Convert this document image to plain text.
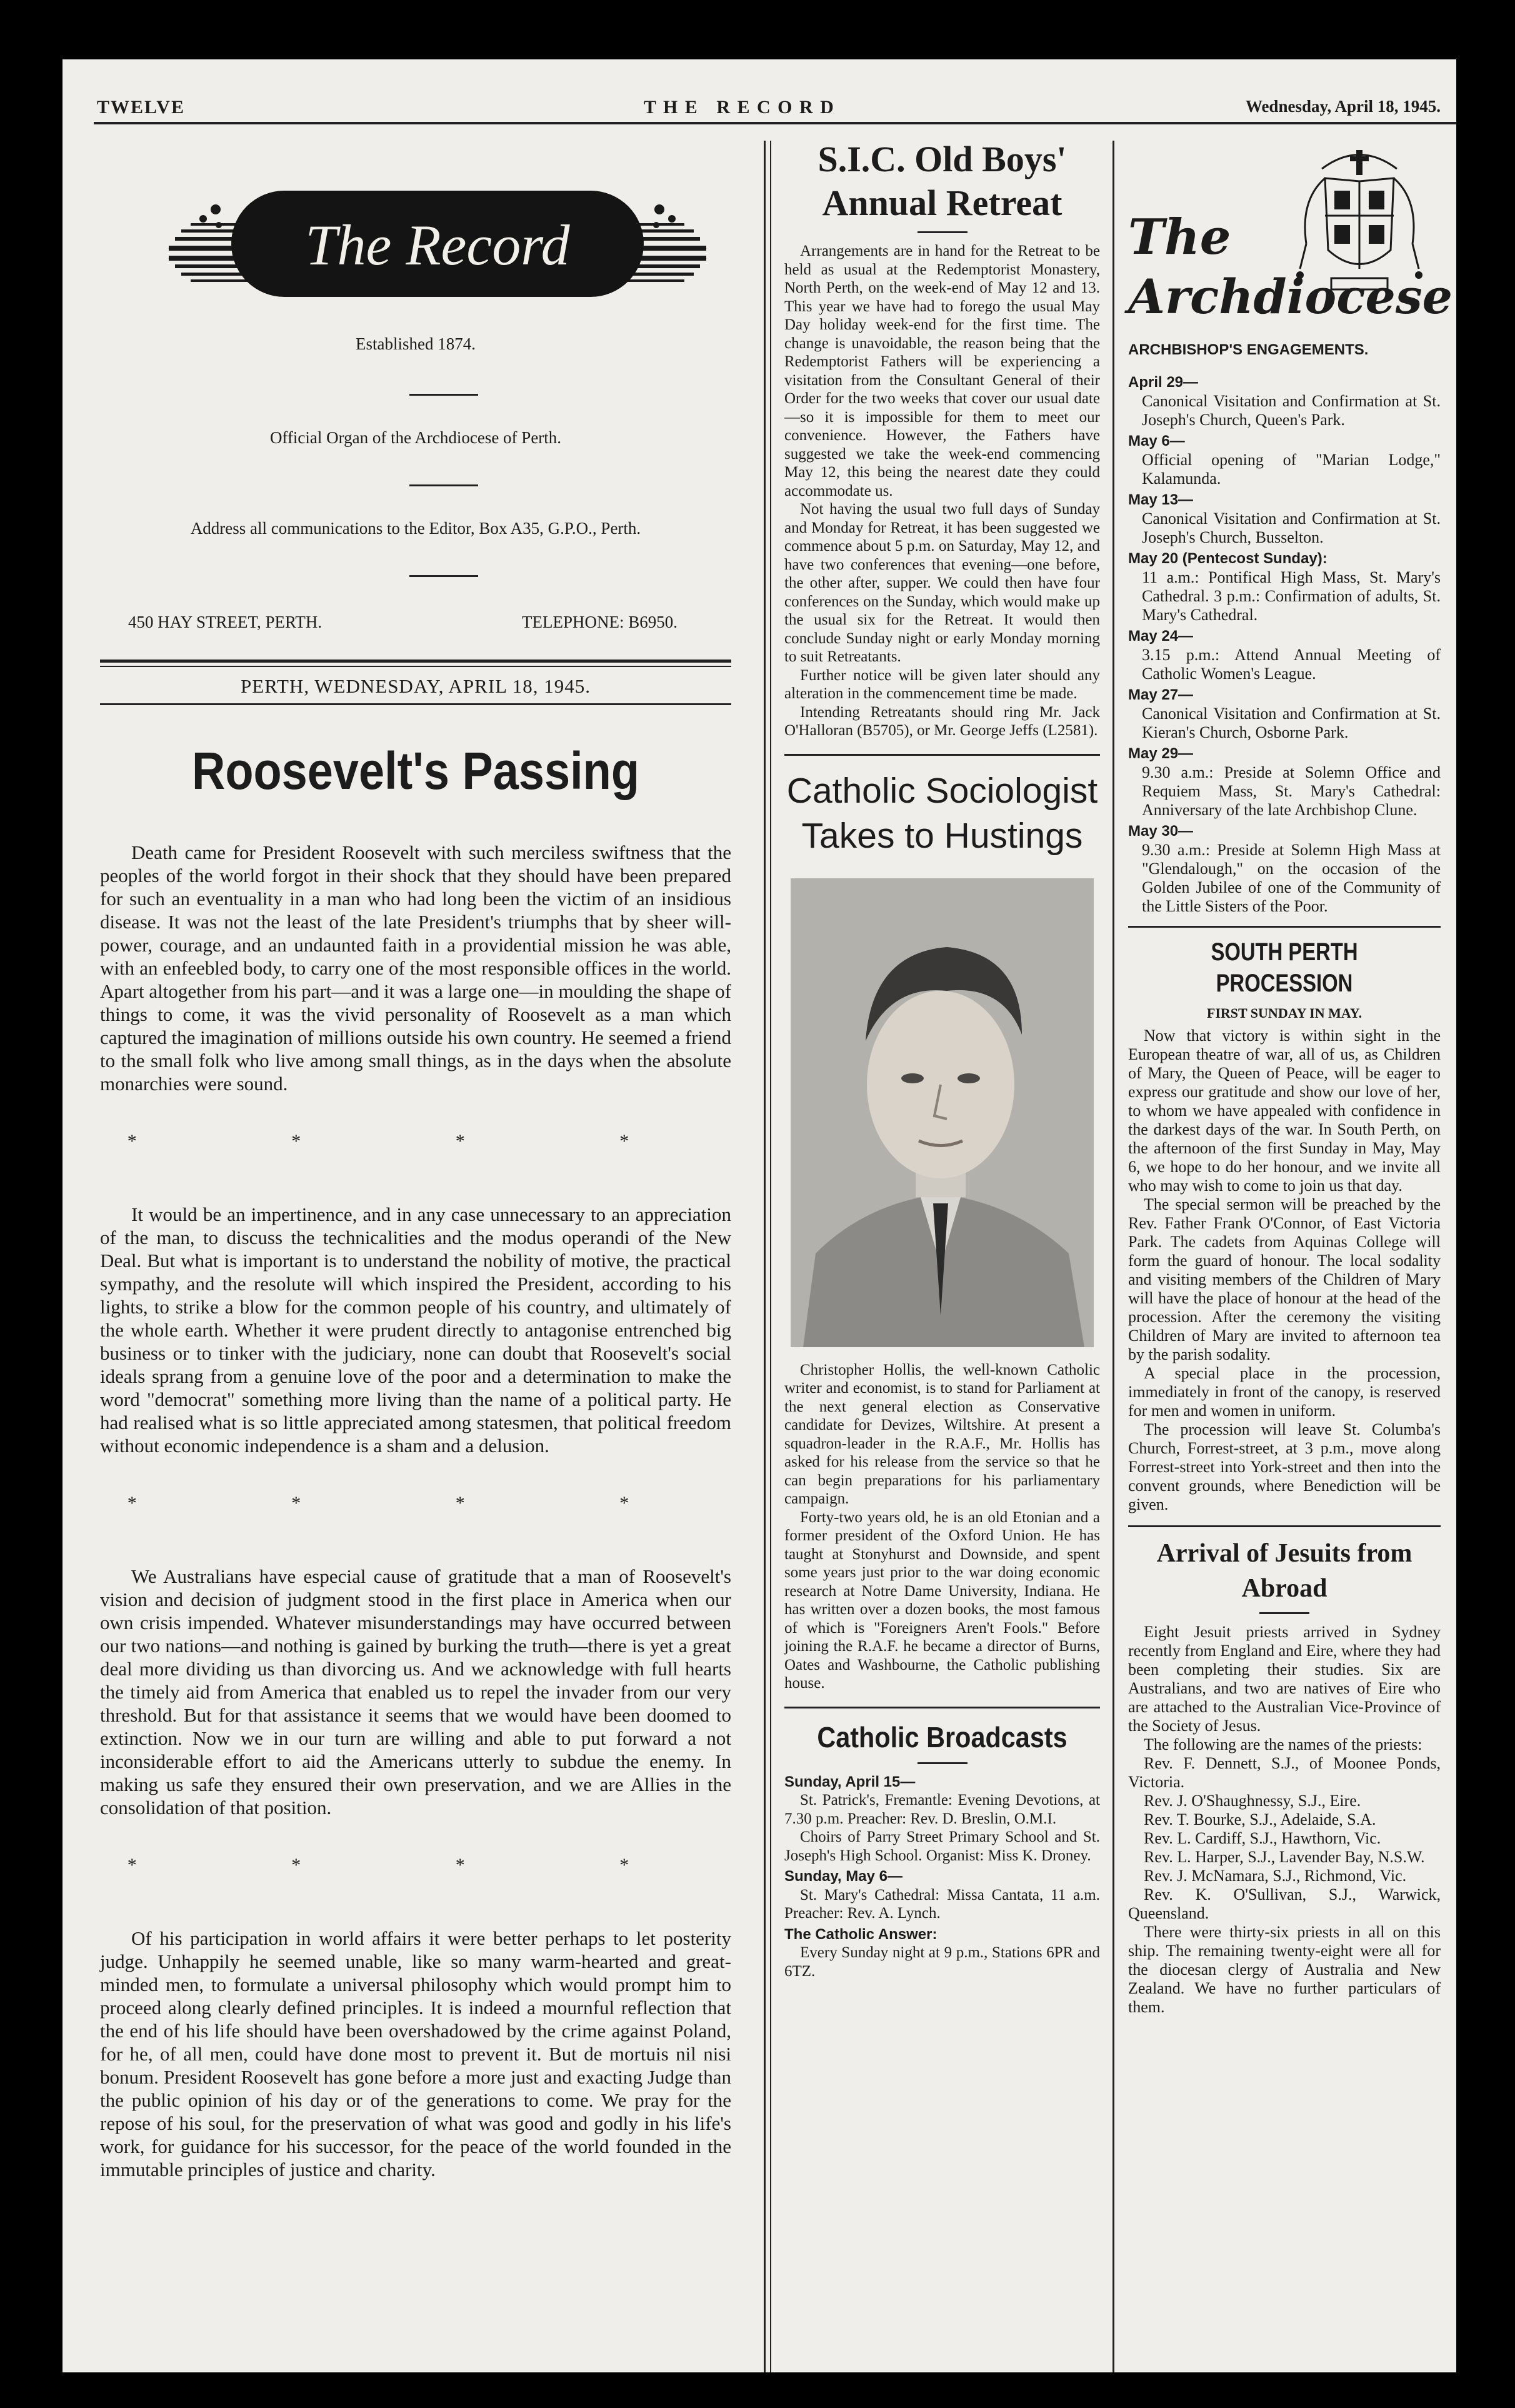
TWELVE	T H E   R E C O R D	Wednesday, April 18, 1945.
The Record
Established 1874.
Official Organ of the Archdiocese of Perth.
Address all communications to the Editor, Box A35, G.P.O., Perth.
450 HAY STREET, PERTH.	TELEPHONE: B6950.
PERTH, WEDNESDAY, APRIL 18, 1945.
Roosevelt's Passing

Death came for President Roosevelt with such merciless swiftness that the peoples of the world forgot in their shock that they should have been prepared for such an eventuality in a man who had long been the victim of an insidious disease. It was not the least of the late President's triumphs that by sheer will-power, courage, and an undaunted faith in a providential mission he was able, with an enfeebled body, to carry one of the most responsible offices in the world. Apart altogether from his part—and it was a large one—in moulding the shape of things to come, it was the vivid personality of Roosevelt as a man which captured the imagination of millions outside his own country. He seemed a friend to the small folk who live among small things, as in the days when the absolute monarchies were sound.

* * * *

It would be an impertinence, and in any case unnecessary to an appreciation of the man, to discuss the technicalities and the modus operandi of the New Deal. But what is important is to understand the nobility of motive, the practical sympathy, and the resolute will which inspired the President, according to his lights, to strike a blow for the common people of his country, and ultimately of the whole earth. Whether it were prudent directly to antagonise entrenched big business or to tinker with the judiciary, none can doubt that Roosevelt's social ideals sprang from a genuine love of the poor and a determination to make the word "democrat" something more living than the name of a political party. He had realised what is so little appreciated among statesmen, that political freedom without economic independence is a sham and a delusion.

* * * *

We Australians have especial cause of gratitude that a man of Roosevelt's vision and decision of judgment stood in the first place in America when our own crisis impended. Whatever misunderstandings may have occurred between our two nations—and nothing is gained by burking the truth—there is yet a great deal more dividing us than divorcing us. And we acknowledge with full hearts the timely aid from America that enabled us to repel the invader from our very threshold. But for that assistance it seems that we would have been doomed to extinction. Now we in our turn are willing and able to put forward a not inconsiderable effort to aid the Americans utterly to subdue the enemy. In making us safe they ensured their own preservation, and we are Allies in the consolidation of that position.

* * * *

Of his participation in world affairs it were better perhaps to let posterity judge. Unhappily he seemed unable, like so many warm-hearted and great-minded men, to formulate a universal philosophy which would prompt him to proceed along clearly defined principles. It is indeed a mournful reflection that the end of his life should have been overshadowed by the crime against Poland, for he, of all men, could have done most to prevent it. But de mortuis nil nisi bonum. President Roosevelt has gone before a more just and exacting Judge than the public opinion of his day or of the generations to come. We pray for the repose of his soul, for the preservation of what was good and godly in his life's work, for guidance for his successor, for the peace of the world founded in the immutable principles of justice and charity.

S.I.C. Old Boys'
Annual Retreat

Arrangements are in hand for the Retreat to be held as usual at the Redemptorist Monastery, North Perth, on the week-end of May 12 and 13. This year we have had to forego the usual May Day holiday week-end for the first time. The change is unavoidable, the reason being that the Redemptorist Fathers will be experiencing a visitation from the Consultant General of their Order for the two weeks that cover our usual date—so it is impossible for them to meet our convenience. However, the Fathers have suggested we take the week-end commencing May 12, this being the nearest date they could accommodate us.

Not having the usual two full days of Sunday and Monday for Retreat, it has been suggested we commence about 5 p.m. on Saturday, May 12, and have two conferences that evening—one before, the other after, supper. We could then have four conferences on the Sunday, which would make up the usual six for the Retreat. It would then conclude Sunday night or early Monday morning to suit Retreatants.

Further notice will be given later should any alteration in the commencement time be made.

Intending Retreatants should ring Mr. Jack O'Halloran (B5705), or Mr. George Jeffs (L2581).

Catholic Sociologist
Takes to Hustings

Christopher Hollis, the well-known Catholic writer and economist, is to stand for Parliament at the next general election as Conservative candidate for Devizes, Wiltshire. At present a squadron-leader in the R.A.F., Mr. Hollis has asked for his release from the service so that he can begin preparations for his parliamentary campaign.

Forty-two years old, he is an old Etonian and a former president of the Oxford Union. He has taught at Stonyhurst and Downside, and spent some years just prior to the war doing economic research at Notre Dame University, Indiana. He has written over a dozen books, the most famous of which is "Foreigners Aren't Fools." Before joining the R.A.F. he became a director of Burns, Oates and Washbourne, the Catholic publishing house.

Catholic Broadcasts
Sunday, April 15—

St. Patrick's, Fremantle: Evening Devotions, at 7.30 p.m. Preacher: Rev. D. Breslin, O.M.I.

Choirs of Parry Street Primary School and St. Joseph's High School. Organist: Miss K. Droney.

Sunday, May 6—

St. Mary's Cathedral: Missa Cantata, 11 a.m. Preacher: Rev. A. Lynch.

The Catholic Answer:

Every Sunday night at 9 p.m., Stations 6PR and 6TZ.

The
Archdiocese
ARCHBISHOP'S ENGAGEMENTS.
April 29—

Canonical Visitation and Confirmation at St. Joseph's Church, Queen's Park.

May 6—

Official opening of "Marian Lodge," Kalamunda.

May 13—

Canonical Visitation and Confirmation at St. Joseph's Church, Busselton.

May 20 (Pentecost Sunday):

11 a.m.: Pontifical High Mass, St. Mary's Cathedral. 3 p.m.: Confirmation of adults, St. Mary's Cathedral.

May 24—

3.15 p.m.: Attend Annual Meeting of Catholic Women's League.

May 27—

Canonical Visitation and Confirmation at St. Kieran's Church, Osborne Park.

May 29—

9.30 a.m.: Preside at Solemn Office and Requiem Mass, St. Mary's Cathedral: Anniversary of the late Archbishop Clune.

May 30—

9.30 a.m.: Preside at Solemn High Mass at "Glendalough," on the occasion of the Golden Jubilee of one of the Community of the Little Sisters of the Poor.

SOUTH PERTH PROCESSION
FIRST SUNDAY IN MAY.

Now that victory is within sight in the European theatre of war, all of us, as Children of Mary, the Queen of Peace, will be eager to express our gratitude and show our love of her, to whom we have appealed with confidence in the darkest days of the war. In South Perth, on the afternoon of the first Sunday in May, May 6, we hope to do her honour, and we invite all who may wish to come to join us that day.

The special sermon will be preached by the Rev. Father Frank O'Connor, of East Victoria Park. The cadets from Aquinas College will form the guard of honour. The local sodality and visiting members of the Children of Mary will have the place of honour at the head of the procession. After the ceremony the visiting Children of Mary are invited to afternoon tea by the parish sodality.

A special place in the procession, immediately in front of the canopy, is reserved for men and women in uniform.

The procession will leave St. Columba's Church, Forrest-street, at 3 p.m., move along Forrest-street into York-street and then into the convent grounds, where Benediction will be given.

Arrival of Jesuits from
Abroad

Eight Jesuit priests arrived in Sydney recently from England and Eire, where they had been completing their studies. Six are Australians, and two are natives of Eire who are attached to the Australian Vice-Province of the Society of Jesus.

The following are the names of the priests:

Rev. F. Dennett, S.J., of Moonee Ponds, Victoria.

Rev. J. O'Shaughnessy, S.J., Eire.

Rev. T. Bourke, S.J., Adelaide, S.A.

Rev. L. Cardiff, S.J., Hawthorn, Vic.

Rev. L. Harper, S.J., Lavender Bay, N.S.W.

Rev. J. McNamara, S.J., Richmond, Vic.

Rev. K. O'Sullivan, S.J., Warwick, Queensland.

There were thirty-six priests in all on this ship. The remaining twenty-eight were all for the diocesan clergy of Australia and New Zealand. We have no further particulars of them.
